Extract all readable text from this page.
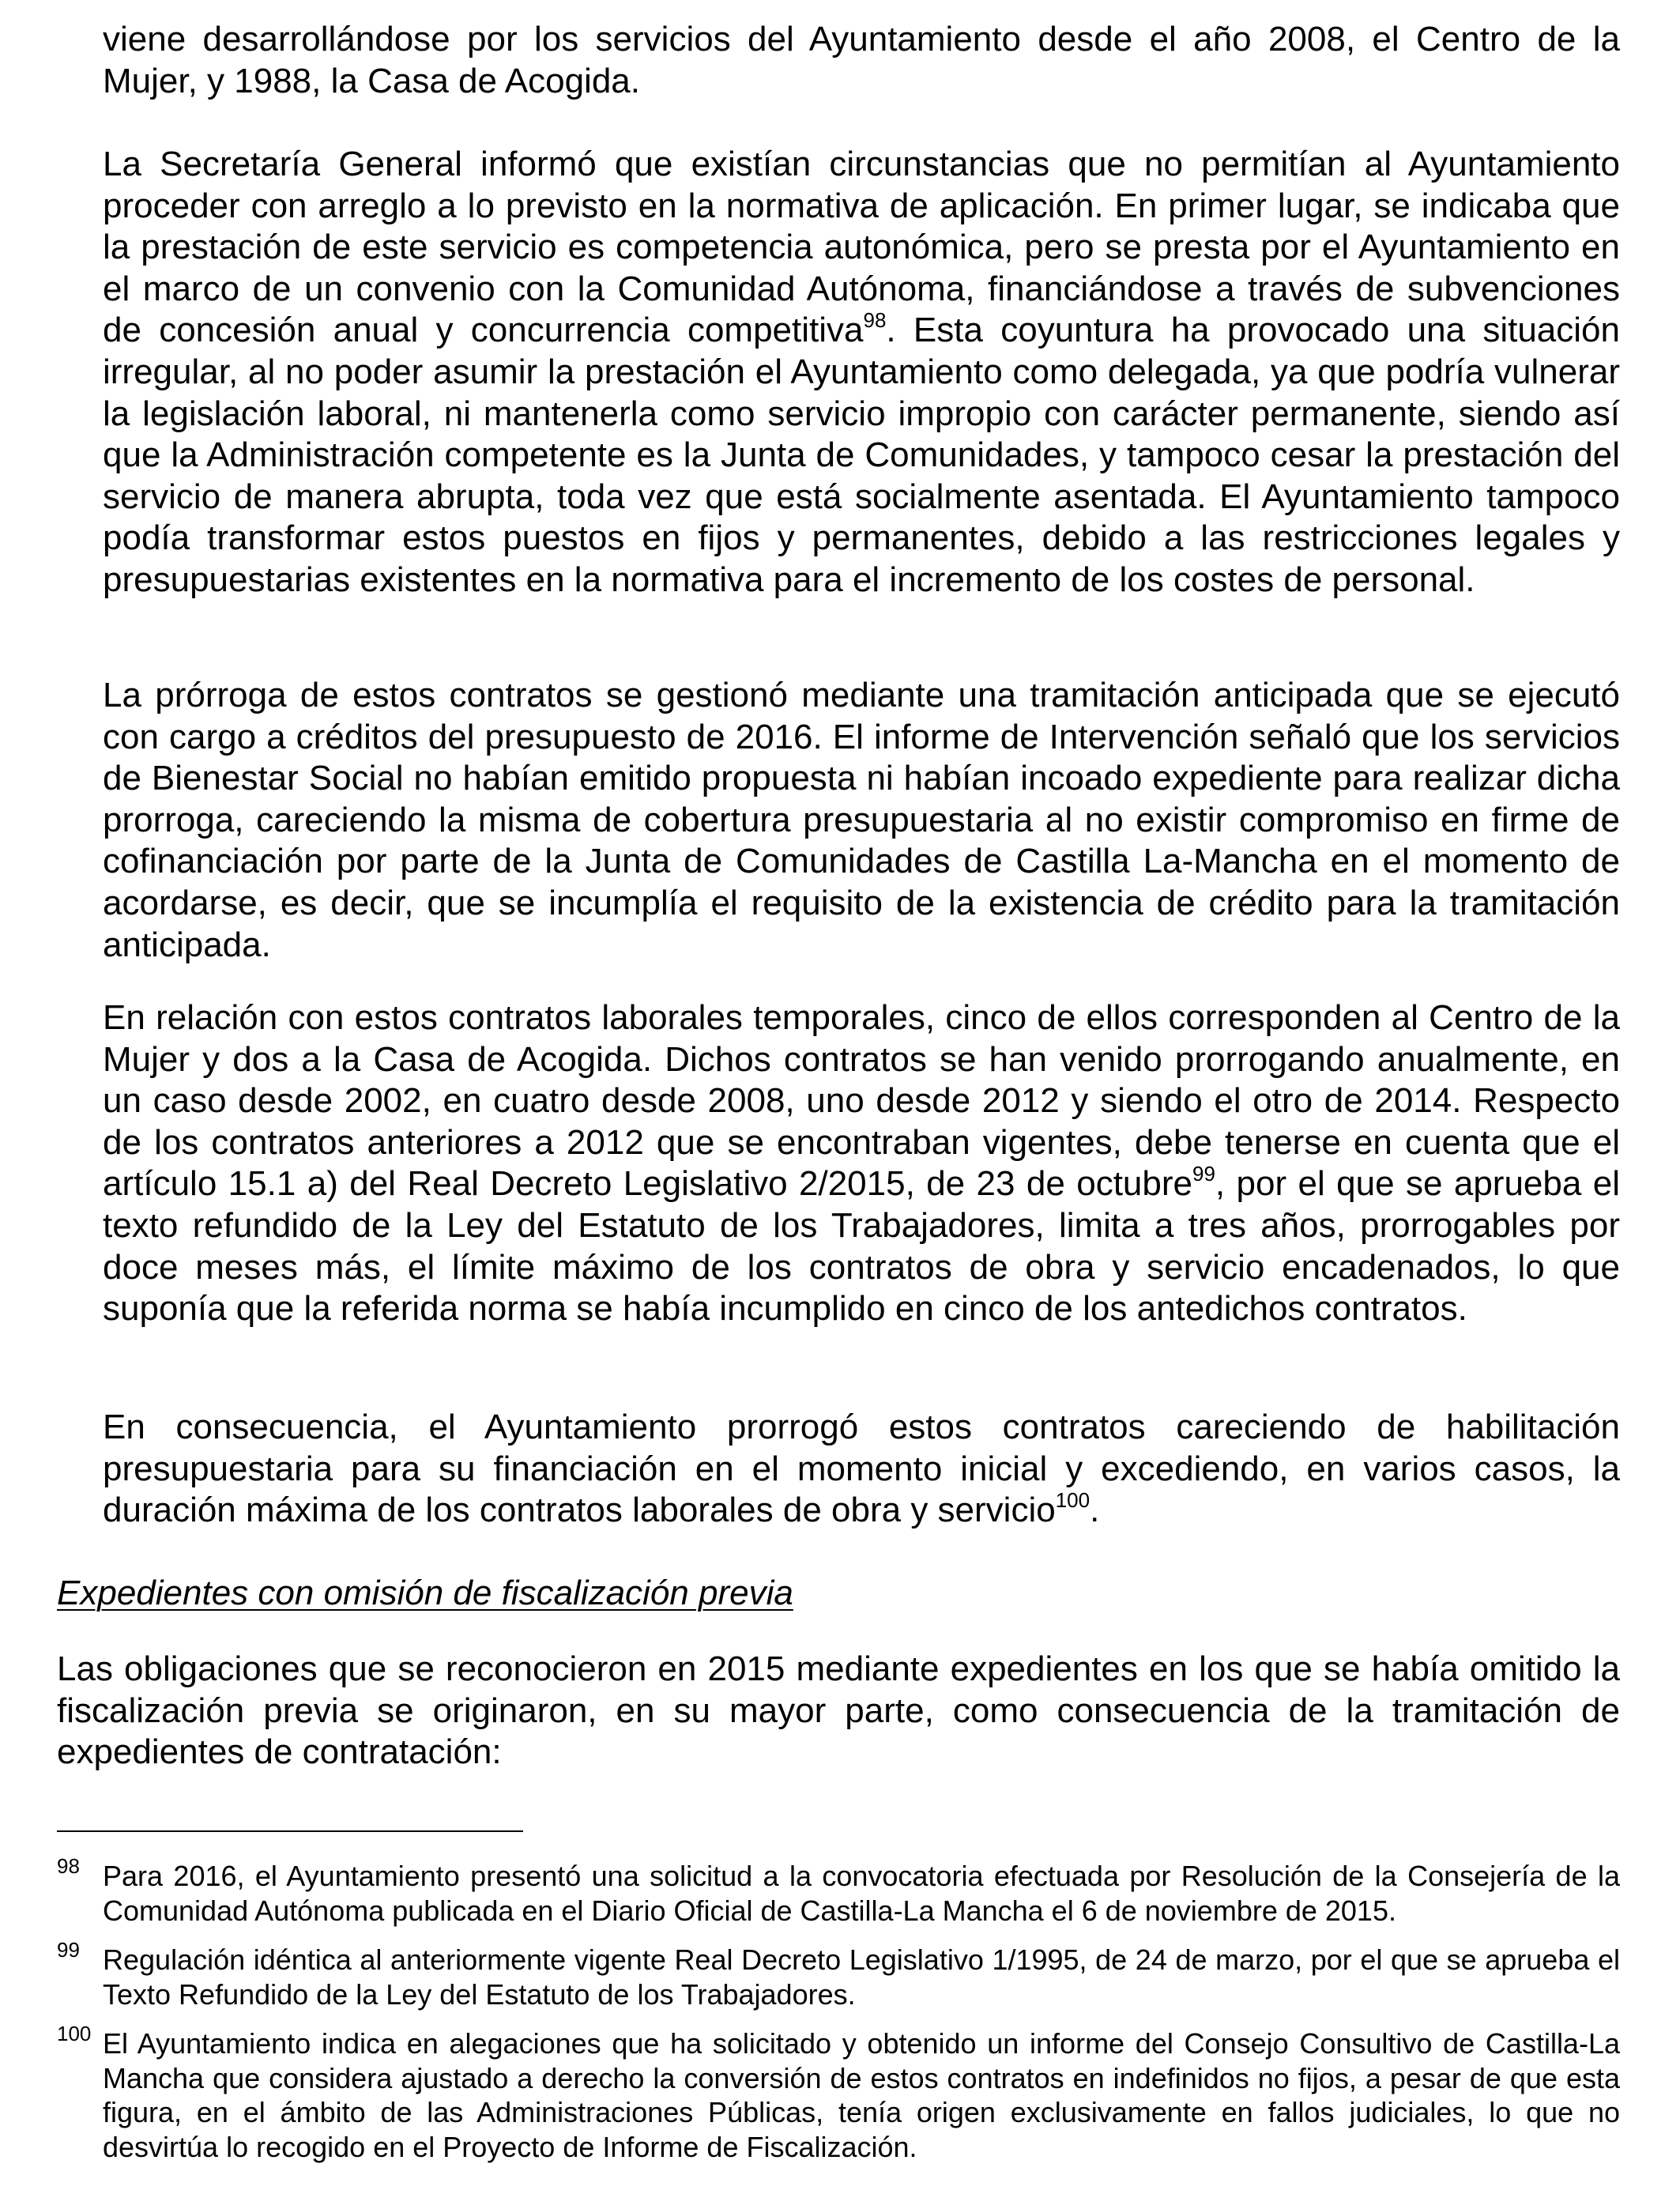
viene desarrollándose por los servicios del Ayuntamiento desde el año 2008, el Centro de la Mujer, y 1988, la Casa de Acogida.

La Secretaría General informó que existían circunstancias que no permitían al Ayuntamiento proceder con arreglo a lo previsto en la normativa de aplicación. En primer lugar, se indicaba que la prestación de este servicio es competencia autonómica, pero se presta por el Ayuntamiento en el marco de un convenio con la Comunidad Autónoma, financiándose a través de subvenciones de concesión anual y concurrencia competitiva$^{98}$. Esta coyuntura ha provocado una situación irregular, al no poder asumir la prestación el Ayuntamiento como delegada, ya que podría vulnerar la legislación laboral, ni mantenerla como servicio impropio con carácter permanente, siendo así que la Administración competente es la Junta de Comunidades, y tampoco cesar la prestación del servicio de manera abrupta, toda vez que está socialmente asentada. El Ayuntamiento tampoco podía transformar estos puestos en fijos y permanentes, debido a las restricciones legales y presupuestarias existentes en la normativa para el incremento de los costes de personal.

La prórroga de estos contratos se gestionó mediante una tramitación anticipada que se ejecutó con cargo a créditos del presupuesto de 2016. El informe de Intervención señaló que los servicios de Bienestar Social no habían emitido propuesta ni habían incoado expediente para realizar dicha prorroga, careciendo la misma de cobertura presupuestaria al no existir compromiso en firme de cofinanciación por parte de la Junta de Comunidades de Castilla La-Mancha en el momento de acordarse, es decir, que se incumplía el requisito de la existencia de crédito para la tramitación anticipada.

En relación con estos contratos laborales temporales, cinco de ellos corresponden al Centro de la Mujer y dos a la Casa de Acogida. Dichos contratos se han venido prorrogando anualmente, en un caso desde 2002, en cuatro desde 2008, uno desde 2012 y siendo el otro de 2014. Respecto de los contratos anteriores a 2012 que se encontraban vigentes, debe tenerse en cuenta que el artículo 15.1 a) del Real Decreto Legislativo 2/2015, de 23 de octubre$^{99}$, por el que se aprueba el texto refundido de la Ley del Estatuto de los Trabajadores, limita a tres años, prorrogables por doce meses más, el límite máximo de los contratos de obra y servicio encadenados, lo que suponía que la referida norma se había incumplido en cinco de los antedichos contratos.

En consecuencia, el Ayuntamiento prorrogó estos contratos careciendo de habilitación presupuestaria para su financiación en el momento inicial y excediendo, en varios casos, la duración máxima de los contratos laborales de obra y servicio$^{100}$.

Expedientes con omisión de fiscalización previa

Las obligaciones que se reconocieron en 2015 mediante expedientes en los que se había omitido la fiscalización previa se originaron, en su mayor parte, como consecuencia de la tramitación de expedientes de contratación:

98 Para 2016, el Ayuntamiento presentó una solicitud a la convocatoria efectuada por Resolución de la Consejería de la Comunidad Autónoma publicada en el Diario Oficial de Castilla-La Mancha el 6 de noviembre de 2015.
99 Regulación idéntica al anteriormente vigente Real Decreto Legislativo 1/1995, de 24 de marzo, por el que se aprueba el Texto Refundido de la Ley del Estatuto de los Trabajadores.
100 El Ayuntamiento indica en alegaciones que ha solicitado y obtenido un informe del Consejo Consultivo de Castilla-La Mancha que considera ajustado a derecho la conversión de estos contratos en indefinidos no fijos, a pesar de que esta figura, en el ámbito de las Administraciones Públicas, tenía origen exclusivamente en fallos judiciales, lo que no desvirtúa lo recogido en el Proyecto de Informe de Fiscalización.
